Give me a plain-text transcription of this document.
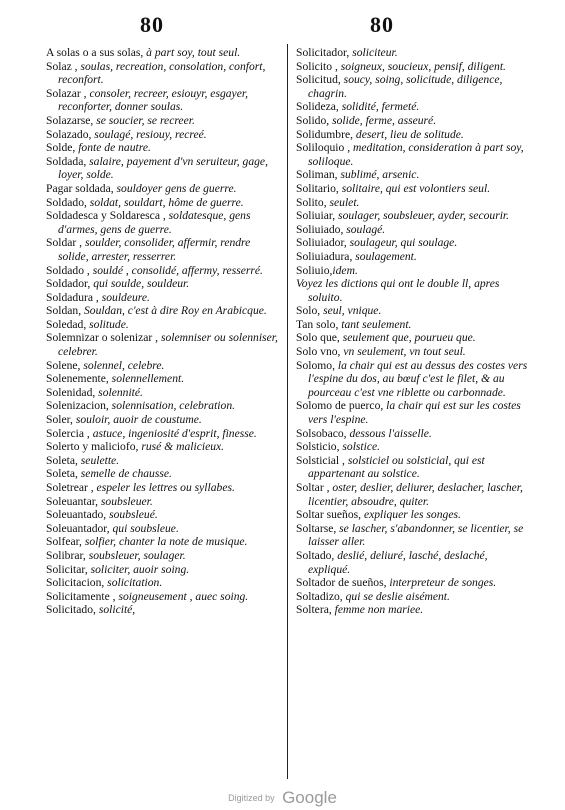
80	80

A solas o a sus solas, à part soy, tout seul.

Solaz , soulas, recreation, consolation, confort, reconfort.

Solazar , consoler, recreer, esiouyr, esgayer, reconforter, donner soulas.

Solazarse, se soucier, se recreer.

Solazado, soulagé, resiouy, recreé.

Solde, fonte de nautre.

Soldada, salaire, payement d'vn seruiteur, gage, loyer, solde.

Pagar soldada, souldoyer gens de guerre.

Soldado, soldat, souldart, hôme de guerre.

Soldadesca y Soldaresca , soldatesque, gens d'armes, gens de guerre.

Soldar , soulder, consolider, affermir, rendre solide, arrester, resserrer.

Soldado , souldé , consolidé, affermy, resserré.

Soldador, qui soulde, souldeur.

Soldadura , souldeure.

Soldan, Souldan, c'est à dire Roy en Arabicque.

Soledad, solitude.

Solemnizar o solenizar , solemniser ou solenniser, celebrer.

Solene, solennel, celebre.

Solenemente, solennellement.

Solenidad, solennité.

Solenizacion, solennisation, celebration.

Soler, souloir, auoir de coustume.

Solercia , astuce, ingeniosité d'esprit, finesse.

Solerto y maliciofo, rusé & malicieux.

Soleta, seulette.

Soleta, semelle de chausse.

Soletrear , espeler les lettres ou syllabes.

Soleuantar, soubsleuer.

Soleuantado, soubsleué.

Soleuantador, qui soubsleue.

Solfear, solfier, chanter la note de musique.

Solibrar, soubsleuer, soulager.

Solicitar, soliciter, auoir soing.

Solicitacion, solicitation.

Solicitamente , soigneusement , auec soing.

Solicitado, solicité,

Solicitador, soliciteur.

Solicito , soigneux, soucieux, pensif, diligent.

Solicitud, soucy, soing, solicitude, diligence, chagrin.

Solideza, solidité, fermeté.

Solido, solide, ferme, asseuré.

Solidumbre, desert, lieu de solitude.

Soliloquio , meditation, consideration à part soy, soliloque.

Soliman, sublimé, arsenic.

Solitario, solitaire, qui est volontiers seul.

Solito, seulet.

Soliuiar, soulager, soubsleuer, ayder, secourir.

Soliuiado, soulagé.

Soliuiador, soulageur, qui soulage.

Soliuiadura, soulagement.

Soliuio,idem.

Voyez les dictions qui ont le double ll, apres soluito.

Solo, seul, vnique.

Tan solo, tant seulement.

Solo que, seulement que, pourueu que.

Solo vno, vn seulement, vn tout seul.

Solomo, la chair qui est au dessus des costes vers l'espine du dos, au bœuf c'est le filet, & au pourceau c'est vne riblette ou carbonnade.

Solomo de puerco, la chair qui est sur les costes vers l'espine.

Solsobaco, dessous l'aisselle.

Solsticio, solstice.

Solsticial , solsticiel ou solsticial, qui est appartenant au solstice.

Soltar , oster, deslier, deliurer, deslacher, lascher, licentier, absoudre, quiter.

Soltar sueños, expliquer les songes.

Soltarse, se lascher, s'abandonner, se licentier, se laisser aller.

Soltado, deslié, deliuré, lasché, deslaché, expliqué.

Soltador de sueños, interpreteur de songes.

Soltadizo, qui se deslie aisément.

Soltera, femme non mariee.

Digitized by Google
